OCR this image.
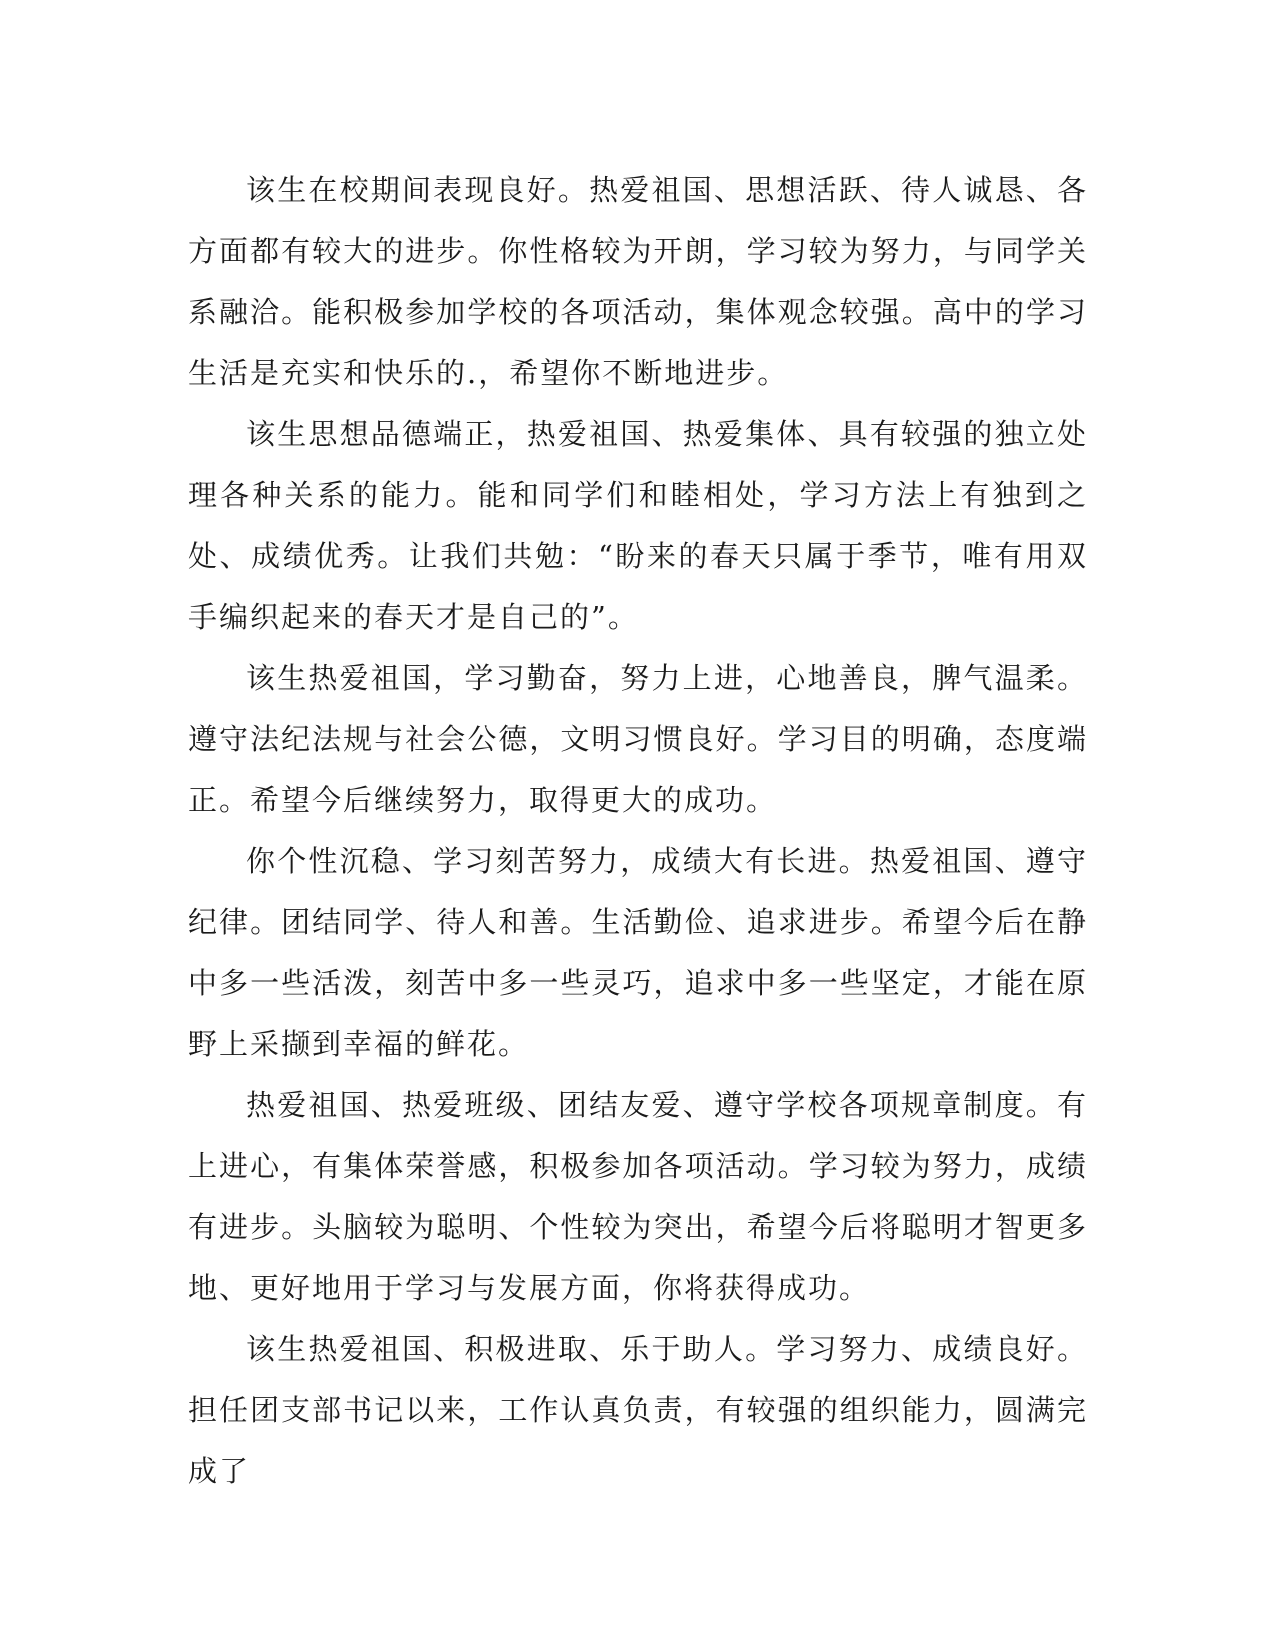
该生在校期间表现良好。热爱祖国、思想活跃、待人诚恳、各方面都有较大的进步。你性格较为开朗，学习较为努力，与同学关系融洽。能积极参加学校的各项活动，集体观念较强。高中的学习生活是充实和快乐的.，希望你不断地进步。

该生思想品德端正，热爱祖国、热爱集体、具有较强的独立处理各种关系的能力。能和同学们和睦相处，学习方法上有独到之处、成绩优秀。让我们共勉：“盼来的春天只属于季节，唯有用双手编织起来的春天才是自己的”。

该生热爱祖国，学习勤奋，努力上进，心地善良，脾气温柔。遵守法纪法规与社会公德，文明习惯良好。学习目的明确，态度端正。希望今后继续努力，取得更大的成功。

你个性沉稳、学习刻苦努力，成绩大有长进。热爱祖国、遵守纪律。团结同学、待人和善。生活勤俭、追求进步。希望今后在静中多一些活泼，刻苦中多一些灵巧，追求中多一些坚定，才能在原野上采撷到幸福的鲜花。

热爱祖国、热爱班级、团结友爱、遵守学校各项规章制度。有上进心，有集体荣誉感，积极参加各项活动。学习较为努力，成绩有进步。头脑较为聪明、个性较为突出，希望今后将聪明才智更多地、更好地用于学习与发展方面，你将获得成功。

该生热爱祖国、积极进取、乐于助人。学习努力、成绩良好。担任团支部书记以来，工作认真负责，有较强的组织能力，圆满完成了
